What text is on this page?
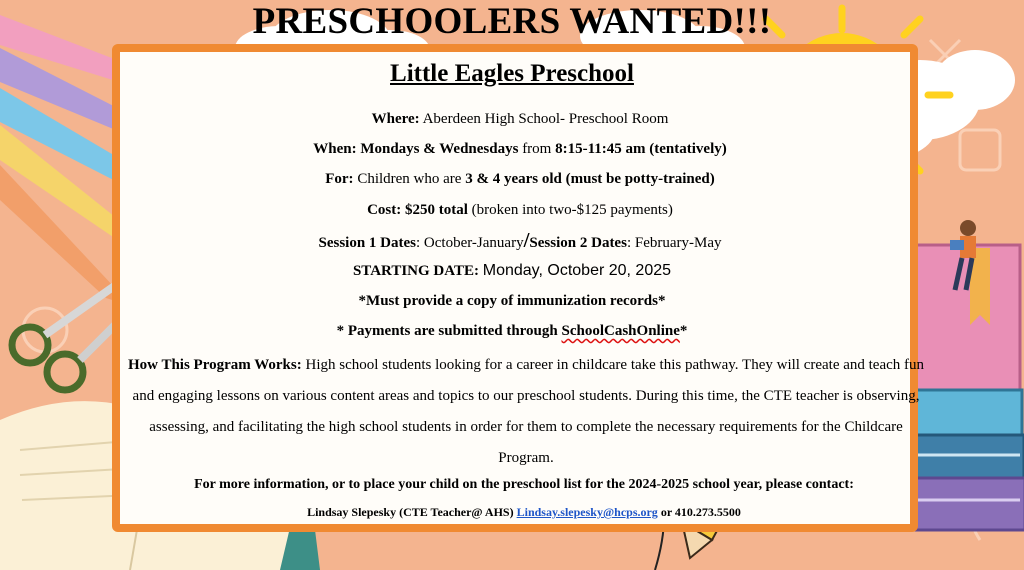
PRESCHOOLERS WANTED!!!
Little Eagles Preschool
Where: Aberdeen High School- Preschool Room
When: Mondays & Wednesdays from 8:15-11:45 am (tentatively)
For: Children who are 3 & 4 years old (must be potty-trained)
Cost: $250 total (broken into two-$125 payments)
Session 1 Dates: October-January/Session 2 Dates: February-May
STARTING DATE: Monday, October 20, 2025
*Must provide a copy of immunization records*
* Payments are submitted through SchoolCashOnline*
How This Program Works: High school students looking for a career in childcare take this pathway. They will create and teach fun and engaging lessons on various content areas and topics to our preschool students. During this time, the CTE teacher is observing, assessing, and facilitating the high school students in order for them to complete the necessary requirements for the Childcare Program.
For more information, or to place your child on the preschool list for the 2024-2025 school year, please contact:
Lindsay Slepesky (CTE Teacher@ AHS) Lindsay.slepesky@hcps.org or 410.273.5500
